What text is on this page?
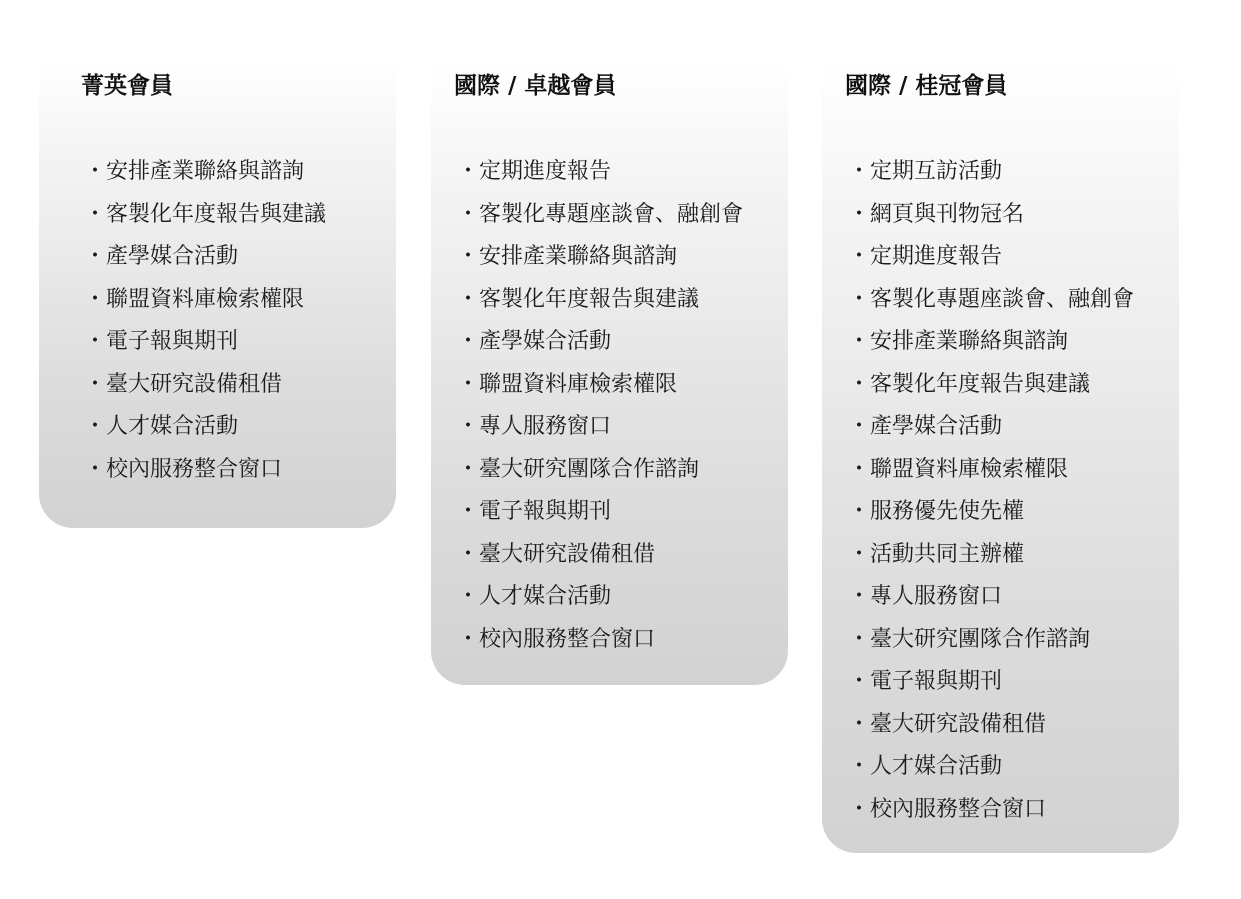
菁英會員
・ 安排產業聯絡與諮詢
・ 客製化年度報告與建議
・ 產學媒合活動
・ 聯盟資料庫檢索權限
・ 電子報與期刊
・ 臺大研究設備租借
・ 人才媒合活動
・ 校內服務整合窗口
國際 / 卓越會員
・ 定期進度報告
・ 客製化專題座談會、融創會
・ 安排產業聯絡與諮詢
・ 客製化年度報告與建議
・ 產學媒合活動
・ 聯盟資料庫檢索權限
・ 專人服務窗口
・ 臺大研究團隊合作諮詢
・ 電子報與期刊
・ 臺大研究設備租借
・ 人才媒合活動
・ 校內服務整合窗口
國際 / 桂冠會員
・ 定期互訪活動
・ 網頁與刊物冠名
・ 定期進度報告
・ 客製化專題座談會、融創會
・ 安排產業聯絡與諮詢
・ 客製化年度報告與建議
・ 產學媒合活動
・ 聯盟資料庫檢索權限
・ 服務優先使先權
・ 活動共同主辦權
・ 專人服務窗口
・ 臺大研究團隊合作諮詢
・ 電子報與期刊
・ 臺大研究設備租借
・ 人才媒合活動
・ 校內服務整合窗口
